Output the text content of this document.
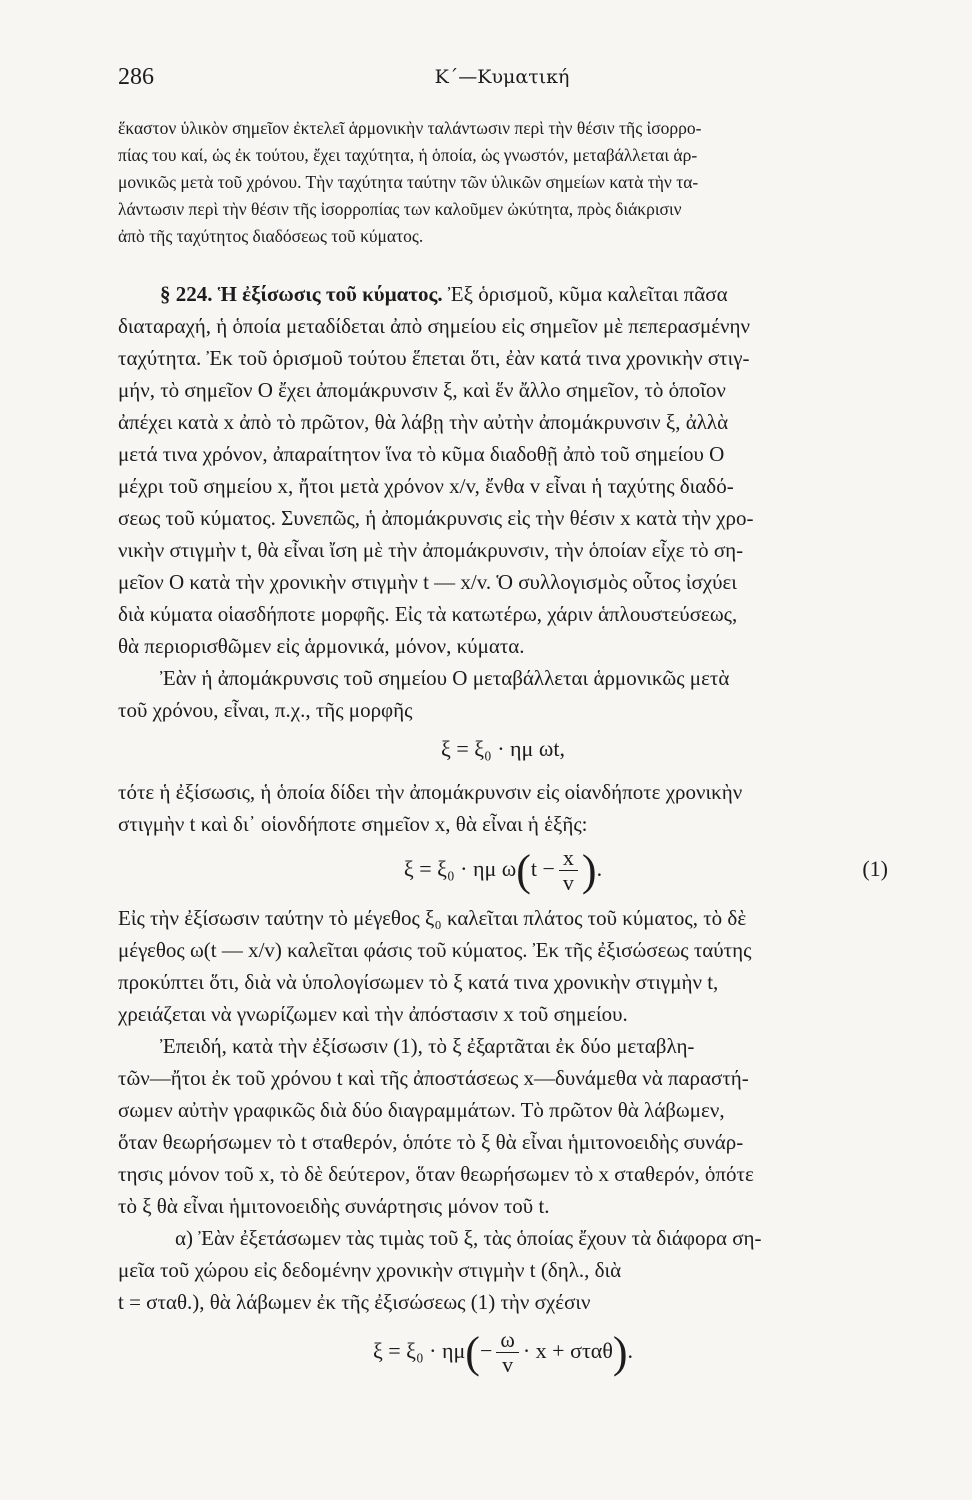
286	Κ΄—Κυματική
ἕκαστον ὑλικὸν σημεῖον ἐκτελεῖ ἁρμονικὴν ταλάντωσιν περὶ τὴν θέσιν τῆς ἰσορρο-
πίας του καί, ὡς ἐκ τούτου, ἔχει ταχύτητα, ἡ ὁποία, ὡς γνωστόν, μεταβάλλεται ἁρ-
μονικῶς μετὰ τοῦ χρόνου. Τὴν ταχύτητα ταύτην τῶν ὑλικῶν σημείων κατὰ τὴν τα-
λάντωσιν περὶ τὴν θέσιν τῆς ἰσορροπίας των καλοῦμεν ὠκύτητα, πρὸς διάκρισιν
ἀπὸ τῆς ταχύτητος διαδόσεως τοῦ κύματος.
§ 224. Ἡ ἐξίσωσις τοῦ κύματος. Ἐξ ὁρισμοῦ, κῦμα καλεῖται πᾶσα
διαταραχή, ἡ ὁποία μεταδίδεται ἀπὸ σημείου εἰς σημεῖον μὲ πεπερασμένην
ταχύτητα. Ἐκ τοῦ ὁρισμοῦ τούτου ἕπεται ὅτι, ἐὰν κατά τινα χρονικὴν στιγ-
μήν, τὸ σημεῖον O ἔχει ἀπομάκρυνσιν ξ, καὶ ἕν ἄλλο σημεῖον, τὸ ὁποῖον
ἀπέχει κατὰ x ἀπὸ τὸ πρῶτον, θὰ λάβῃ τὴν αὐτὴν ἀπομάκρυνσιν ξ, ἀλλὰ
μετά τινα χρόνον, ἀπαραίτητον ἵνα τὸ κῦμα διαδοθῇ ἀπὸ τοῦ σημείου O
μέχρι τοῦ σημείου x, ἤτοι μετὰ χρόνον x/v, ἔνθα v εἶναι ἡ ταχύτης διαδό-
σεως τοῦ κύματος. Συνεπῶς, ἡ ἀπομάκρυνσις εἰς τὴν θέσιν x κατὰ τὴν χρο-
νικὴν στιγμὴν t, θὰ εἶναι ἴση μὲ τὴν ἀπομάκρυνσιν, τὴν ὁποίαν εἶχε τὸ ση-
μεῖον O κατὰ τὴν χρονικὴν στιγμὴν t — x/v. Ὁ συλλογισμὸς οὗτος ἰσχύει
διὰ κύματα οἱασδήποτε μορφῆς. Εἰς τὰ κατωτέρω, χάριν ἁπλουστεύσεως,
θὰ περιορισθῶμεν εἰς ἁρμονικά, μόνον, κύματα.
Ἐὰν ἡ ἀπομάκρυνσις τοῦ σημείου O μεταβάλλεται ἁρμονικῶς μετὰ
τοῦ χρόνου, εἶναι, π.χ., τῆς μορφῆς
ξ = ξ₀ · ημ ωt,
τότε ἡ ἐξίσωσις, ἡ ὁποία δίδει τὴν ἀπομάκρυνσιν εἰς οἱανδήποτε χρονικὴν
στιγμὴν t καὶ δι᾿ οἱονδήποτε σημεῖον x, θὰ εἶναι ἡ ἑξῆς:
ξ = ξ₀ · ημ $\omega(t - \frac{x}{v}$ ).	(1)
Εἰς τὴν ἐξίσωσιν ταύτην τὸ μέγεθος ξ₀ καλεῖται πλάτος τοῦ κύματος, τὸ δὲ
μέγεθος ω(t — x/v) καλεῖται φάσις τοῦ κύματος. Ἐκ τῆς ἐξισώσεως ταύτης
προκύπτει ὅτι, διὰ νὰ ὑπολογίσωμεν τὸ ξ κατά τινα χρονικὴν στιγμὴν t,
χρειάζεται νὰ γνωρίζωμεν καὶ τὴν ἀπόστασιν x τοῦ σημείου.
Ἐπειδή, κατὰ τὴν ἐξίσωσιν (1), τὸ ξ ἐξαρτᾶται ἐκ δύο μεταβλη-
τῶν—ἤτοι ἐκ τοῦ χρόνου t καὶ τῆς ἀποστάσεως x—δυνάμεθα νὰ παραστή-
σωμεν αὐτὴν γραφικῶς διὰ δύο διαγραμμάτων. Τὸ πρῶτον θὰ λάβωμεν,
ὅταν θεωρήσωμεν τὸ t σταθερόν, ὁπότε τὸ ξ θὰ εἶναι ἡμιτονοειδὴς συνάρ-
τησις μόνον τοῦ x, τὸ δὲ δεύτερον, ὅταν θεωρήσωμεν τὸ x σταθερόν, ὁπότε
τὸ ξ θὰ εἶναι ἡμιτονοειδὴς συνάρτησις μόνον τοῦ t.
α) Ἐὰν ἐξετάσωμεν τὰς τιμὰς τοῦ ξ, τὰς ὁποίας ἔχουν τὰ διάφορα ση-
μεῖα τοῦ χώρου εἰς δεδομένην χρονικὴν στιγμὴν t (δηλ., διὰ
t = σταθ.), θὰ λάβωμεν ἐκ τῆς ἐξισώσεως (1) τὴν σχέσιν
$\xi = \xi_0 \cdot \eta\mu(- \frac{\omega}{v} \cdot x + \sigma\tau\alpha\theta)$.
